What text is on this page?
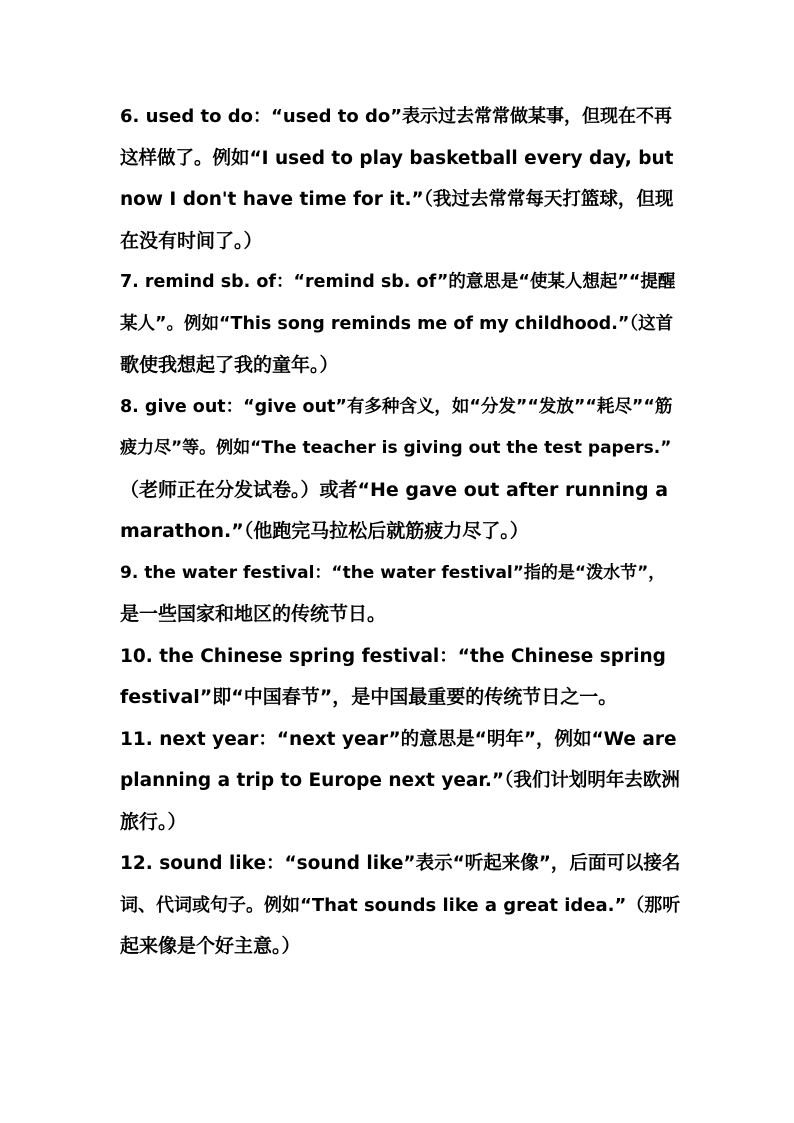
6. used to do：“used to do”表示过去常常做某事，但现在不再
这样做了。例如“I used to play basketball every day, but
now I don't have time for it.”（我过去常常每天打篮球，但现
在没有时间了。）
7. remind sb. of：“remind sb. of”的意思是“使某人想起”“提醒
某人”。例如“This song reminds me of my childhood.”（这首
歌使我想起了我的童年。）
8. give out：“give out”有多种含义，如“分发”“发放”“耗尽”“筋
疲力尽”等。例如“The teacher is giving out the test papers.”
（老师正在分发试卷。）或者“He gave out after running a
marathon.”（他跑完马拉松后就筋疲力尽了。）
9. the water festival：“the water festival”指的是“泼水节”，
是一些国家和地区的传统节日。
10. the Chinese spring festival：“the Chinese spring
festival”即“中国春节”，是中国最重要的传统节日之一。
11. next year：“next year”的意思是“明年”，例如“We are
planning a trip to Europe next year.”（我们计划明年去欧洲
旅行。）
12. sound like：“sound like”表示“听起来像”，后面可以接名
词、代词或句子。例如“That sounds like a great idea.”（那听
起来像是个好主意。）
